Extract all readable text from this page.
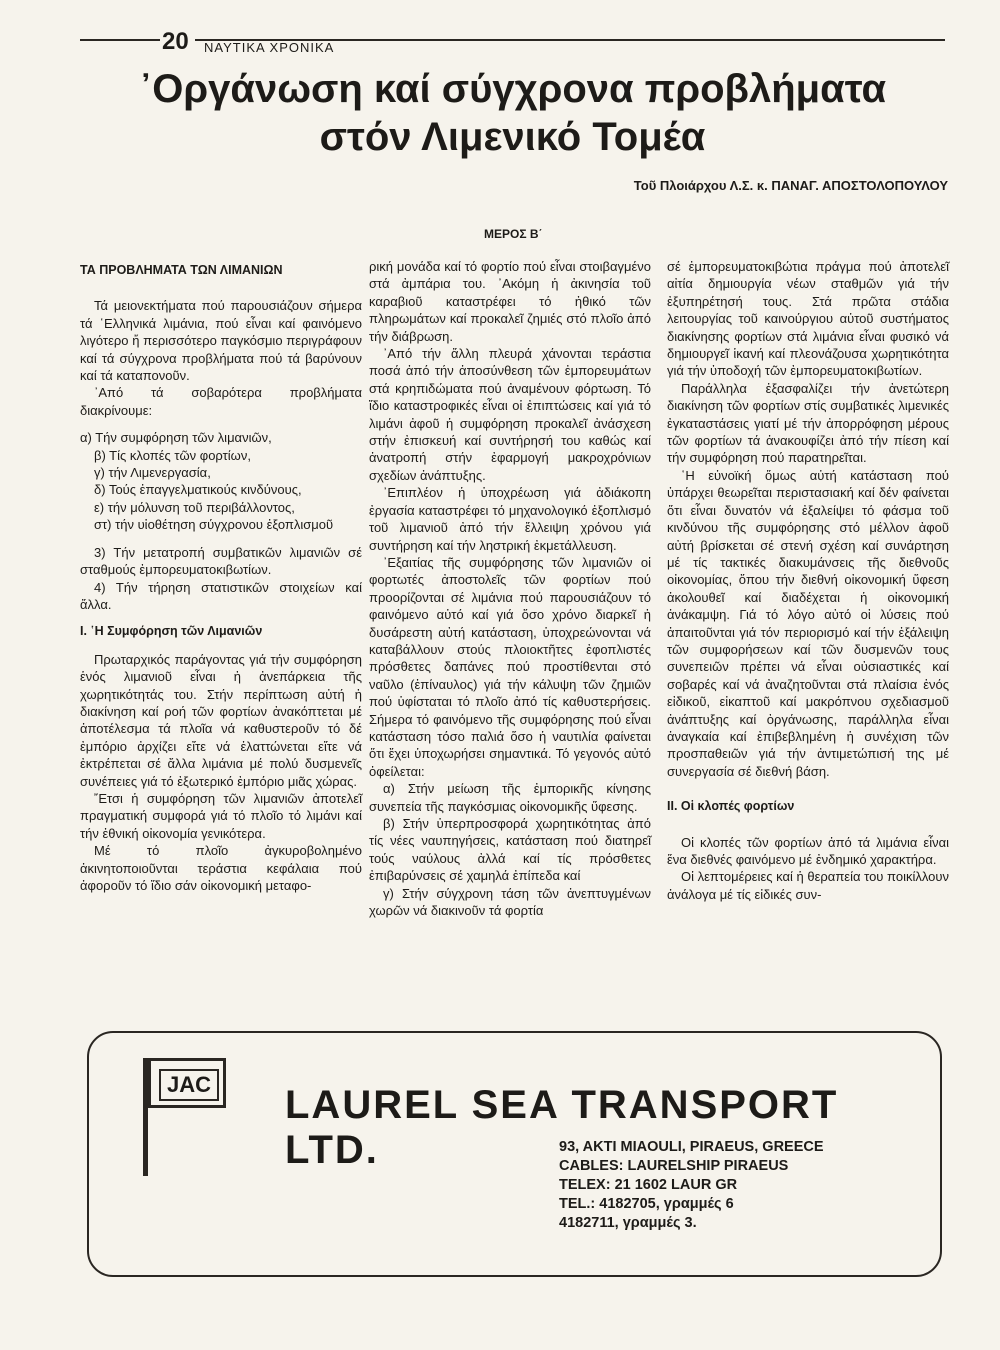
20	ΝΑΥΤΙΚΑ ΧΡΟΝΙΚΑ
᾿Οργάνωση καί σύγχρονα προβλήματα
στόν Λιμενικό Τομέα
Τοῦ Πλοιάρχου Λ.Σ. κ. ΠΑΝΑΓ. ΑΠΟΣΤΟΛΟΠΟΥΛΟΥ
ΜΕΡΟΣ Β΄

ΤΑ ΠΡΟΒΛΗΜΑΤΑ ΤΩΝ ΛΙΜΑΝΙΩΝ

Τά μειονεκτήματα πού παρουσιάζουν σήμερα τά ῾Ελληνικά λιμάνια, πού εἶναι καί φαινόμενο λιγότερο ἤ περισσότερο παγκόσμιο περιγράφουν καί τά σύγχρονα προβλήματα πού τά βαρύνουν καί τά καταπονοῦν.

᾿Από τά σοβαρότερα προβλήματα διακρίνουμε:

α) Τήν συμφόρηση τῶν λιμανιῶν,

β) Τίς κλοπές τῶν φορτίων,

γ) τήν Λιμενεργασία,

δ) Τούς ἐπαγγελματικούς κινδύνους,

ε) τήν μόλυνση τοῦ περιβάλλοντος,

στ) τήν υἱοθέτηση σύγχρονου ἐξοπλισμοῦ

3) Τήν μετατροπή συμβατικῶν λιμανιῶν σέ σταθμούς ἐμπορευματοκιβωτίων.

4) Τήν τήρηση στατιστικῶν στοιχείων καί ἄλλα.

Ι. ῾Η Συμφόρηση τῶν Λιμανιῶν

Πρωταρχικός παράγοντας γιά τήν συμφόρηση ἑνός λιμανιοῦ εἶναι ἡ ἀνεπάρκεια τῆς χωρητικότητάς του. Στήν περίπτωση αὐτή ἡ διακίνηση καί ροή τῶν φορτίων ἀνακόπτεται μέ ἀποτέλεσμα τά πλοῖα νά καθυστεροῦν τό δέ ἐμπόριο ἀρχίζει εἴτε νά ἐλαττώνεται εἴτε νά ἐκτρέπεται σέ ἄλλα λιμάνια μέ πολύ δυσμενεῖς συνέπειες γιά τό ἐξωτερικό ἐμπόριο μιᾶς χώρας.

῎Ετσι ἡ συμφόρηση τῶν λιμανιῶν ἀποτελεῖ πραγματική συμφορά γιά τό πλοῖο τό λιμάνι καί τήν ἐθνική οἰκονομία γενικότερα.

Μέ τό πλοῖο ἀγκυροβολημένο ἀκινητοποιοῦνται τεράστια κεφάλαια πού ἀφοροῦν τό ἴδιο σάν οἰκονομική μεταφο-

ρική μονάδα καί τό φορτίο πού εἶναι στοιβαγμένο στά ἀμπάρια του. ᾿Ακόμη ἡ ἀκινησία τοῦ καραβιοῦ καταστρέφει τό ἠθικό τῶν πληρωμάτων καί προκαλεῖ ζημιές στό πλοῖο ἀπό τήν διάβρωση.

᾿Από τήν ἄλλη πλευρά χάνονται τεράστια ποσά ἀπό τήν ἀποσύνθεση τῶν ἐμπορευμάτων στά κρηπιδώματα πού ἀναμένουν φόρτωση. Τό ἴδιο καταστροφικές εἶναι οἱ ἐπιπτώσεις καί γιά τό λιμάνι ἀφοῦ ἡ συμφόρηση προκαλεῖ ἀνάσχεση στήν ἐπισκευή καί συντήρησή του καθώς καί ἀνατροπή στήν ἐφαρμογή μακροχρόνιων σχεδίων ἀνάπτυξης.

᾿Επιπλέον ἡ ὑποχρέωση γιά ἀδιάκοπη ἐργασία καταστρέφει τό μηχανολογικό ἐξοπλισμό τοῦ λιμανιοῦ ἀπό τήν ἔλλειψη χρόνου γιά συντήρηση καί τήν ληστρική ἐκμετάλλευση.

᾿Εξαιτίας τῆς συμφόρησης τῶν λιμανιῶν οἱ φορτωτές ἀποστολεῖς τῶν φορτίων πού προορίζονται σέ λιμάνια πού παρουσιάζουν τό φαινόμενο αὐτό καί γιά ὅσο χρόνο διαρκεῖ ἡ δυσάρεστη αὐτή κατάσταση, ὑποχρεώνονται νά καταβάλλουν στούς πλοιοκτῆτες ἐφοπλιστές πρόσθετες δαπάνες πού προστίθενται στό ναῦλο (ἐπίναυλος) γιά τήν κάλυψη τῶν ζημιῶν πού ὑφίσταται τό πλοῖο ἀπό τίς καθυστερήσεις. Σήμερα τό φαινόμενο τῆς συμφόρησης πού εἶναι κατάσταση τόσο παλιά ὅσο ἡ ναυτιλία φαίνεται ὅτι ἔχει ὑποχωρήσει σημαντικά. Τό γεγονός αὐτό ὀφείλεται:

α) Στήν μείωση τῆς ἐμπορικῆς κίνησης συνεπεία τῆς παγκόσμιας οἰκονομικῆς ὕφεσης.

β) Στήν ὑπερπροσφορά χωρητικότητας ἀπό τίς νέες ναυπηγήσεις, κατάσταση πού διατηρεῖ τούς ναύλους ἀλλά καί τίς πρόσθετες ἐπιβαρύνσεις σέ χαμηλά ἐπίπεδα καί

γ) Στήν σύγχρονη τάση τῶν ἀνεπτυγμένων χωρῶν νά διακινοῦν τά φορτία

σέ ἐμπορευματοκιβώτια πράγμα πού ἀποτελεῖ αἰτία δημιουργία νέων σταθμῶν γιά τήν ἐξυπηρέτησή τους. Στά πρῶτα στάδια λειτουργίας τοῦ καινούργιου αὐτοῦ συστήματος διακίνησης φορτίων στά λιμάνια εἶναι φυσικό νά δημιουργεῖ ἱκανή καί πλεονάζουσα χωρητικότητα γιά τήν ὑποδοχή τῶν ἐμπορευματοκιβωτίων.

Παράλληλα ἐξασφαλίζει τήν ἀνετώτερη διακίνηση τῶν φορτίων στίς συμβατικές λιμενικές ἐγκαταστάσεις γιατί μέ τήν ἀπορρόφηση μέρους τῶν φορτίων τά ἀνακουφίζει ἀπό τήν πίεση καί τήν συμφόρηση πού παρατηρεῖται.

῾Η εὐνοϊκή ὅμως αὐτή κατάσταση πού ὑπάρχει θεωρεῖται περιστασιακή καί δέν φαίνεται ὅτι εἶναι δυνατόν νά ἐξαλείψει τό φάσμα τοῦ κινδύνου τῆς συμφόρησης στό μέλλον ἀφοῦ αὐτή βρίσκεται σέ στενή σχέση καί συνάρτηση μέ τίς τακτικές διακυμάνσεις τῆς διεθνοῦς οἰκονομίας, ὅπου τήν διεθνή οἰκονομική ὕφεση ἀκολουθεῖ καί διαδέχεται ἡ οἰκονομική ἀνάκαμψη. Γιά τό λόγο αὐτό οἱ λύσεις πού ἀπαιτοῦνται γιά τόν περιορισμό καί τήν ἐξάλειψη τῶν συμφορήσεων καί τῶν δυσμενῶν τους συνεπειῶν πρέπει νά εἶναι οὐσιαστικές καί σοβαρές καί νά ἀναζητοῦνται στά πλαίσια ἑνός εἰδικοῦ, εἰκαπτοῦ καί μακρόπνου σχεδιασμοῦ ἀνάπτυξης καί ὀργάνωσης, παράλληλα εἶναι ἀναγκαία καί ἐπιβεβλημένη ἡ συνέχιση τῶν προσπαθειῶν γιά τήν ἀντιμετώπισή της μέ συνεργασία σέ διεθνή βάση.

ΙΙ. Οἱ κλοπές φορτίων

Οἱ κλοπές τῶν φορτίων ἀπό τά λιμάνια εἶναι ἕνα διεθνές φαινόμενο μέ ἐνδημικό χαρακτήρα.

Οἱ λεπτομέρειες καί ἡ θεραπεία του ποικίλλουν ἀνάλογα μέ τίς εἰδικές συν-

JAC LAUREL SEA TRANSPORT LTD.	93, AKTI MIAOULI, PIRAEUS, GREECE
CABLES: LAURELSHIP PIRAEUS
TELEX: 21 1602 LAUR GR
TEL.: 4182705, γραμμές 6
4182711, γραμμές 3.
